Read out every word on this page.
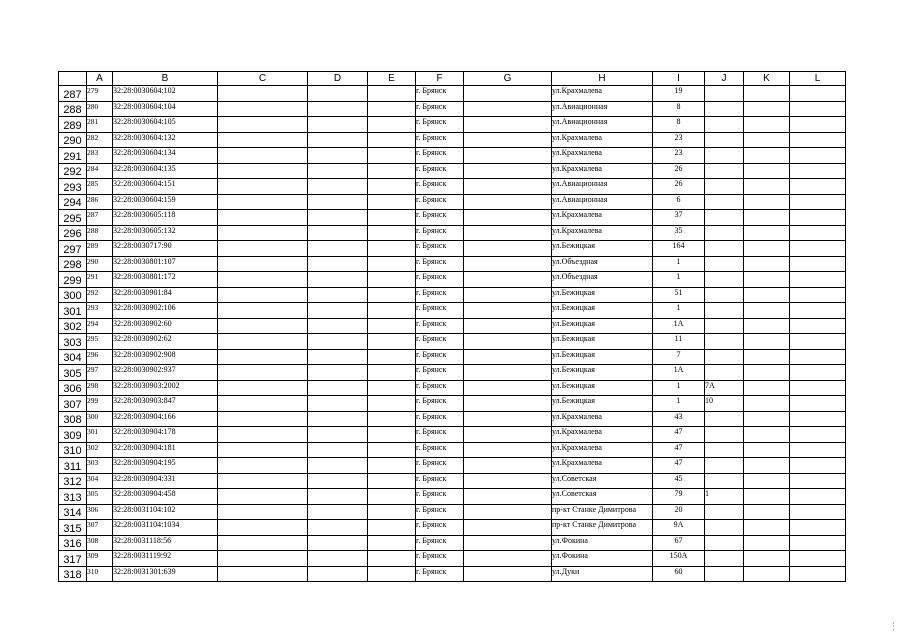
	A	B	C	D	E	F	G	H	I	J	K	L
287	279	32:28:0030604:102				г. Брянск		ул.Крахмалева	19			
288	280	32:28:0030604:104				г. Брянск		ул.Авиационная	8			
289	281	32:28:0030604:105				г. Брянск		ул.Авиационная	8			
290	282	32:28:0030604:132				г. Брянск		ул.Крахмалева	23			
291	283	32:28:0030604:134				г. Брянск		ул.Крахмалева	23			
292	284	32:28:0030604:135				г. Брянск		ул.Крахмалева	26			
293	285	32:28:0030604:151				г. Брянск		ул.Авиационная	26			
294	286	32:28:0030604:159				г. Брянск		ул.Авиационная	6			
295	287	32:28:0030605:118				г. Брянск		ул.Крахмалева	37			
296	288	32:28:0030605:132				г. Брянск		ул.Крахмалева	35			
297	289	32:28:0030717:90				г. Брянск		ул.Бежицкая	164			
298	290	32:28:0030801:107				г. Брянск		ул.Объездная	1			
299	291	32:28:0030801:172				г. Брянск		ул.Объездная	1			
300	292	32:28:0030901:84				г. Брянск		ул.Бежицкая	51			
301	293	32:28:0030902:106				г. Брянск		ул.Бежицкая	1			
302	294	32:28:0030902:60				г. Брянск		ул.Бежицкая	1А			
303	295	32:28:0030902:62				г. Брянск		ул.Бежицкая	11			
304	296	32:28:0030902:908				г. Брянск		ул.Бежицкая	7			
305	297	32:28:0030902:937				г. Брянск		ул.Бежицкая	1А			
306	298	32:28:0030903:2002				г. Брянск		ул.Бежицкая	1	7А		
307	299	32:28:0030903:847				г. Брянск		ул.Бежицкая	1	10		
308	300	32:28:0030904:166				г. Брянск		ул.Крахмалева	43			
309	301	32:28:0030904:178				г. Брянск		ул.Крахмалева	47			
310	302	32:28:0030904:181				г. Брянск		ул.Крахмалева	47			
311	303	32:28:0030904:195				г. Брянск		ул.Крахмалева	47			
312	304	32:28:0030904:331				г. Брянск		ул.Советская	45			
313	305	32:28:0030904:458				г. Брянск		ул.Советская	79	1		
314	306	32:28:0031104:102				г. Брянск		пр-кт Станке Димитрова	20			
315	307	32:28:0031104:1034				г. Брянск		пр-кт Станке Димитрова	9А			
316	308	32:28:0031118:56				г. Брянск		ул.Фокина	67			
317	309	32:28:0031119:92				г. Брянск		ул.Фокина	150А			
318	310	32:28:0031301:639				г. Брянск		ул.Дуки	60			
⋮
